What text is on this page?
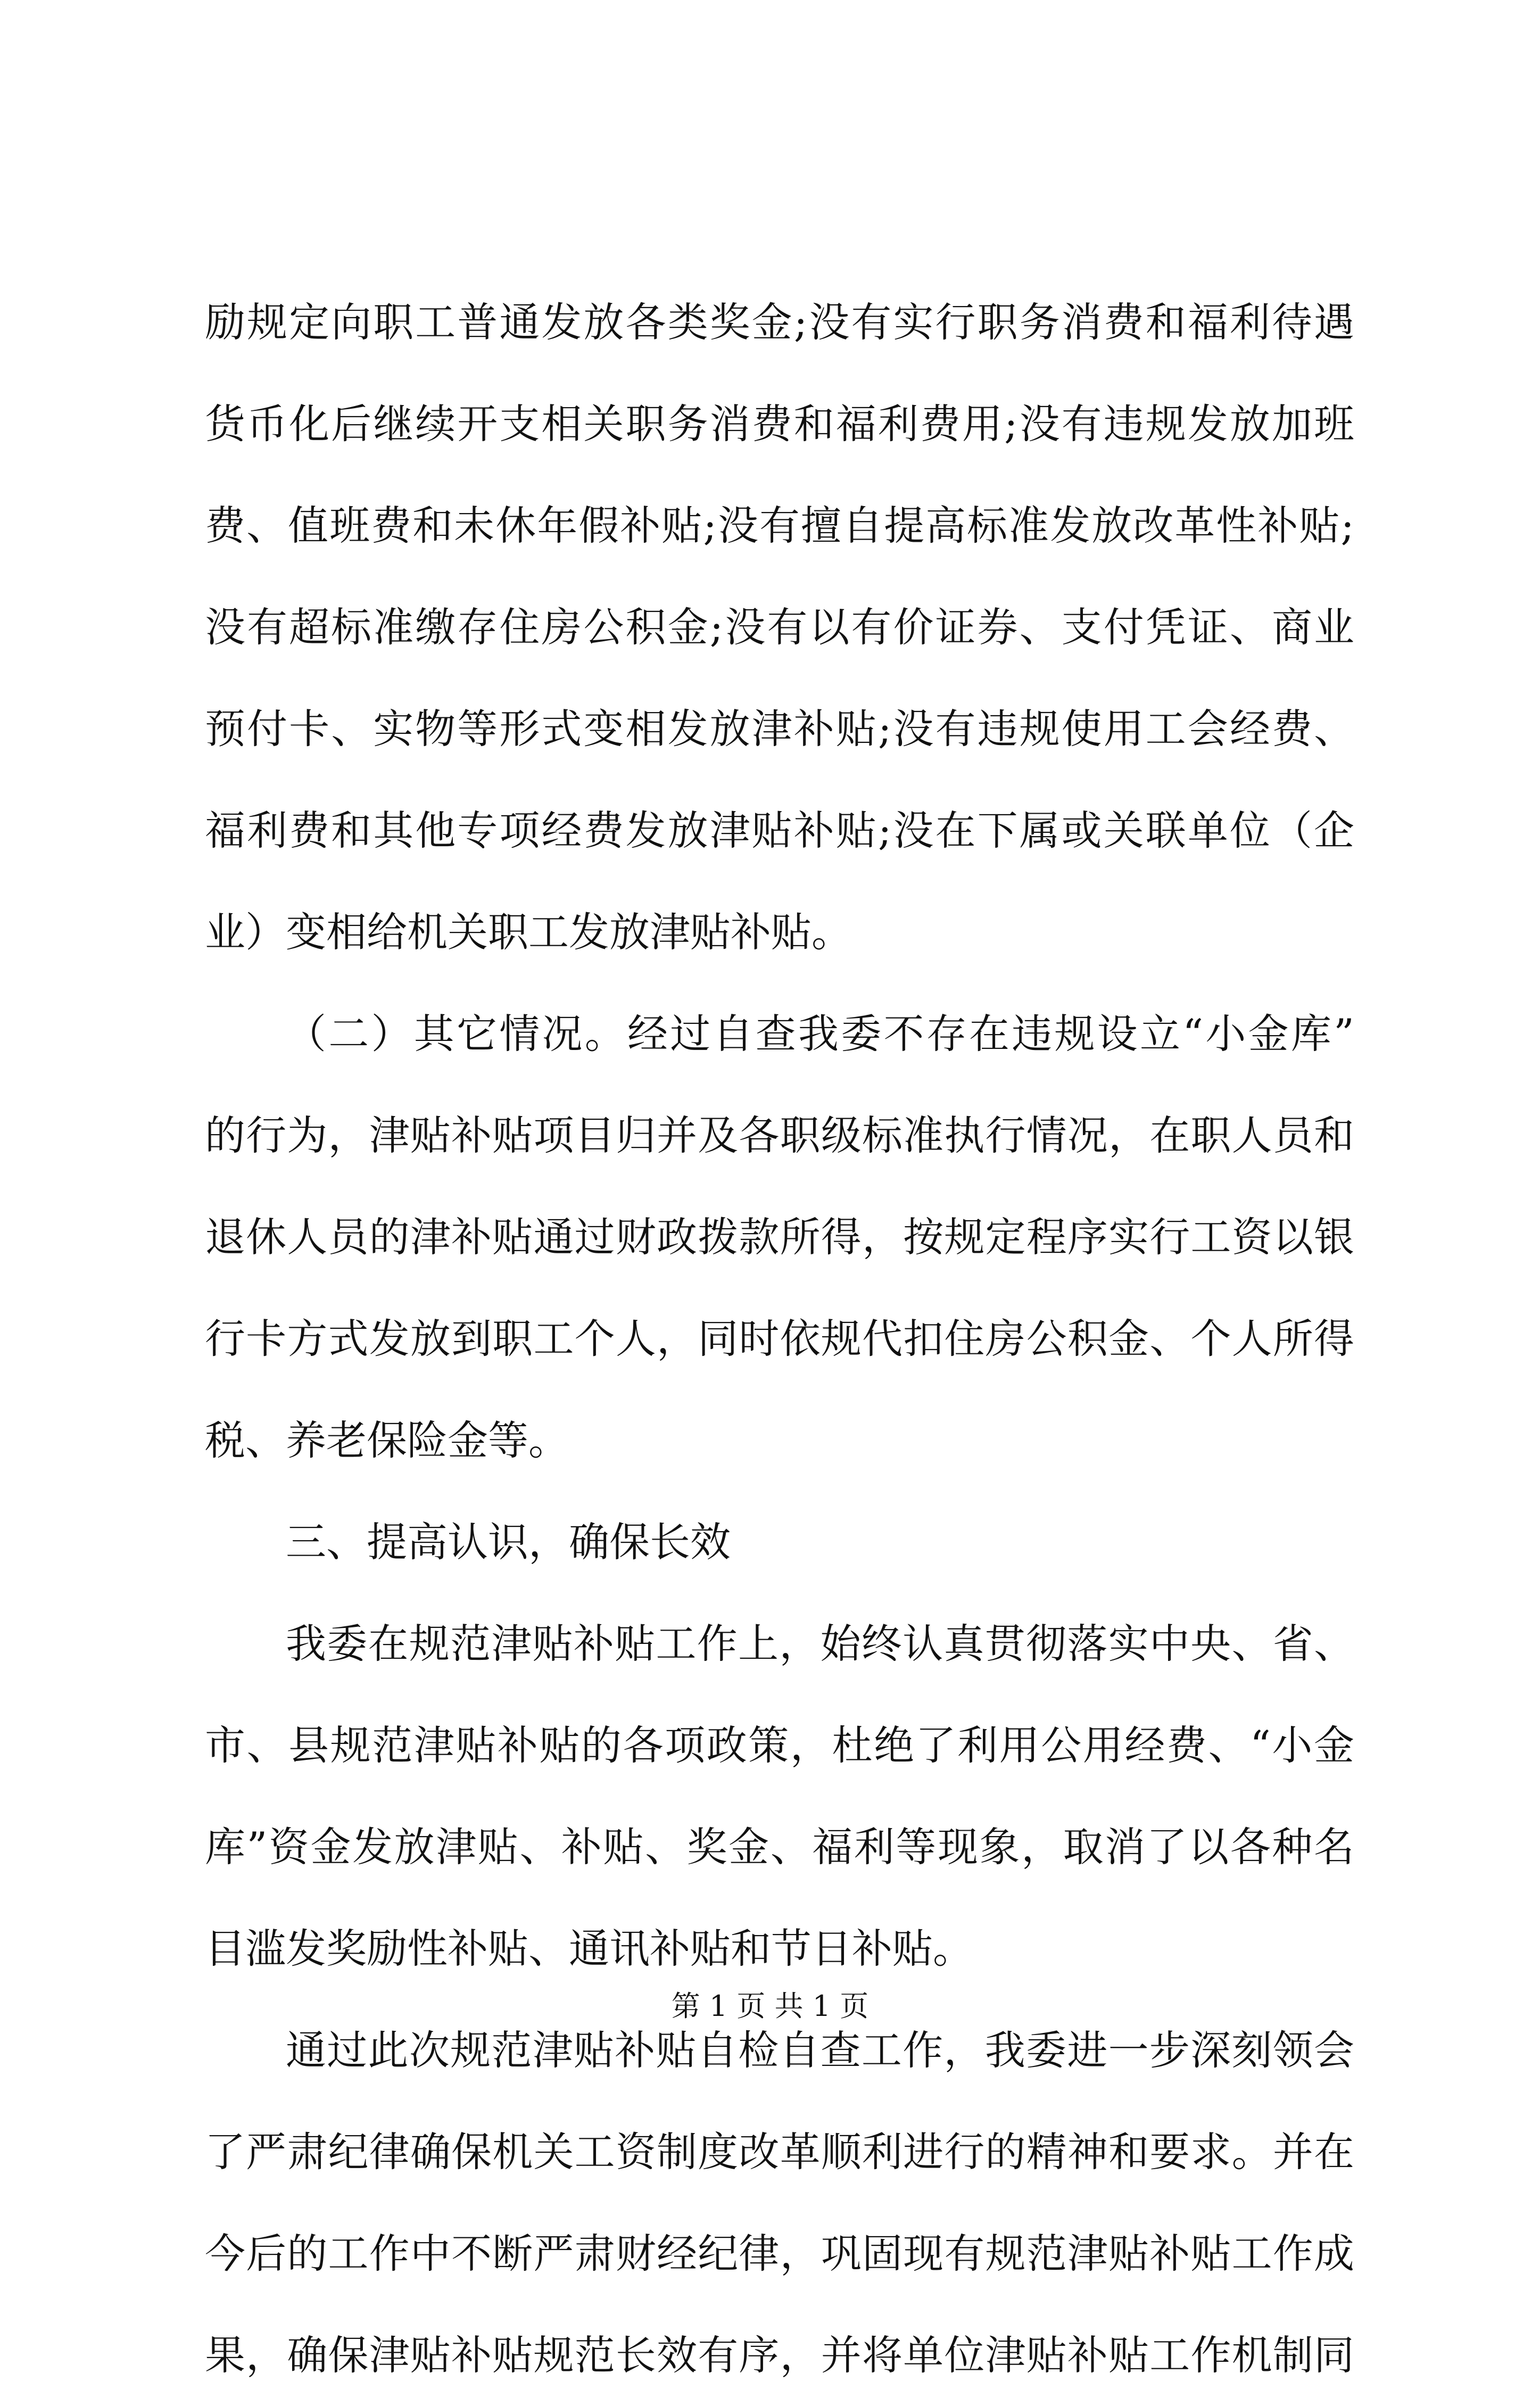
励规定向职工普通发放各类奖金;没有实行职务消费和福利待遇
货币化后继续开支相关职务消费和福利费用;没有违规发放加班
费、值班费和未休年假补贴;没有擅自提高标准发放改革性补贴;
没有超标准缴存住房公积金;没有以有价证券、支付凭证、商业
预付卡、实物等形式变相发放津补贴;没有违规使用工会经费、
福利费和其他专项经费发放津贴补贴;没在下属或关联单位（企
业）变相给机关职工发放津贴补贴。
（二）其它情况。经过自查我委不存在违规设立“小金库”
的行为，津贴补贴项目归并及各职级标准执行情况，在职人员和
退休人员的津补贴通过财政拨款所得，按规定程序实行工资以银
行卡方式发放到职工个人，同时依规代扣住房公积金、个人所得
税、养老保险金等。
三、提高认识，确保长效
我委在规范津贴补贴工作上，始终认真贯彻落实中央、省、
市、县规范津贴补贴的各项政策，杜绝了利用公用经费、“小金
库”资金发放津贴、补贴、奖金、福利等现象，取消了以各种名
目滥发奖励性补贴、通讯补贴和节日补贴。
通过此次规范津贴补贴自检自查工作，我委进一步深刻领会
了严肃纪律确保机关工资制度改革顺利进行的精神和要求。并在
今后的工作中不断严肃财经纪律，巩固现有规范津贴补贴工作成
果，确保津贴补贴规范长效有序，并将单位津贴补贴工作机制同
第 1 页 共 1 页
